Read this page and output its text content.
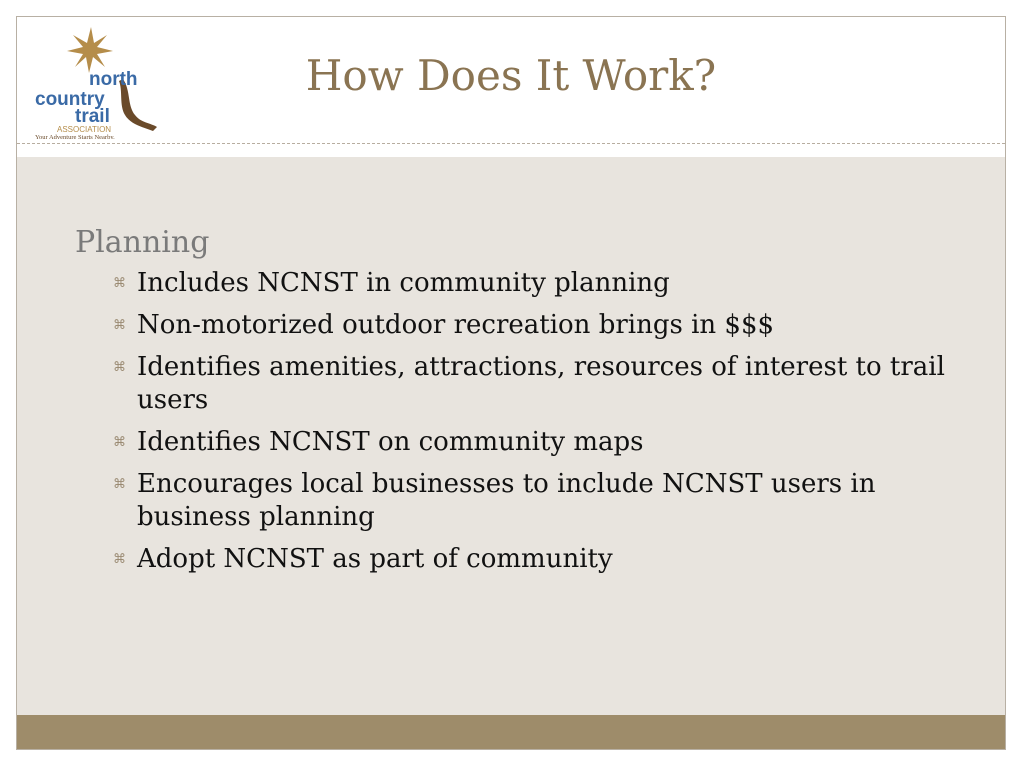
north
country
trail
ASSOCIATION
Your Adventure Starts Nearby.
How Does It Work?
Planning
⌘ Includes NCNST in community planning
⌘ Non-motorized outdoor recreation brings in $$$
⌘ Identifies amenities, attractions, resources of interest to trail users
⌘ Identifies NCNST on community maps
⌘ Encourages local businesses to include NCNST users in business planning
⌘ Adopt NCNST as part of community
